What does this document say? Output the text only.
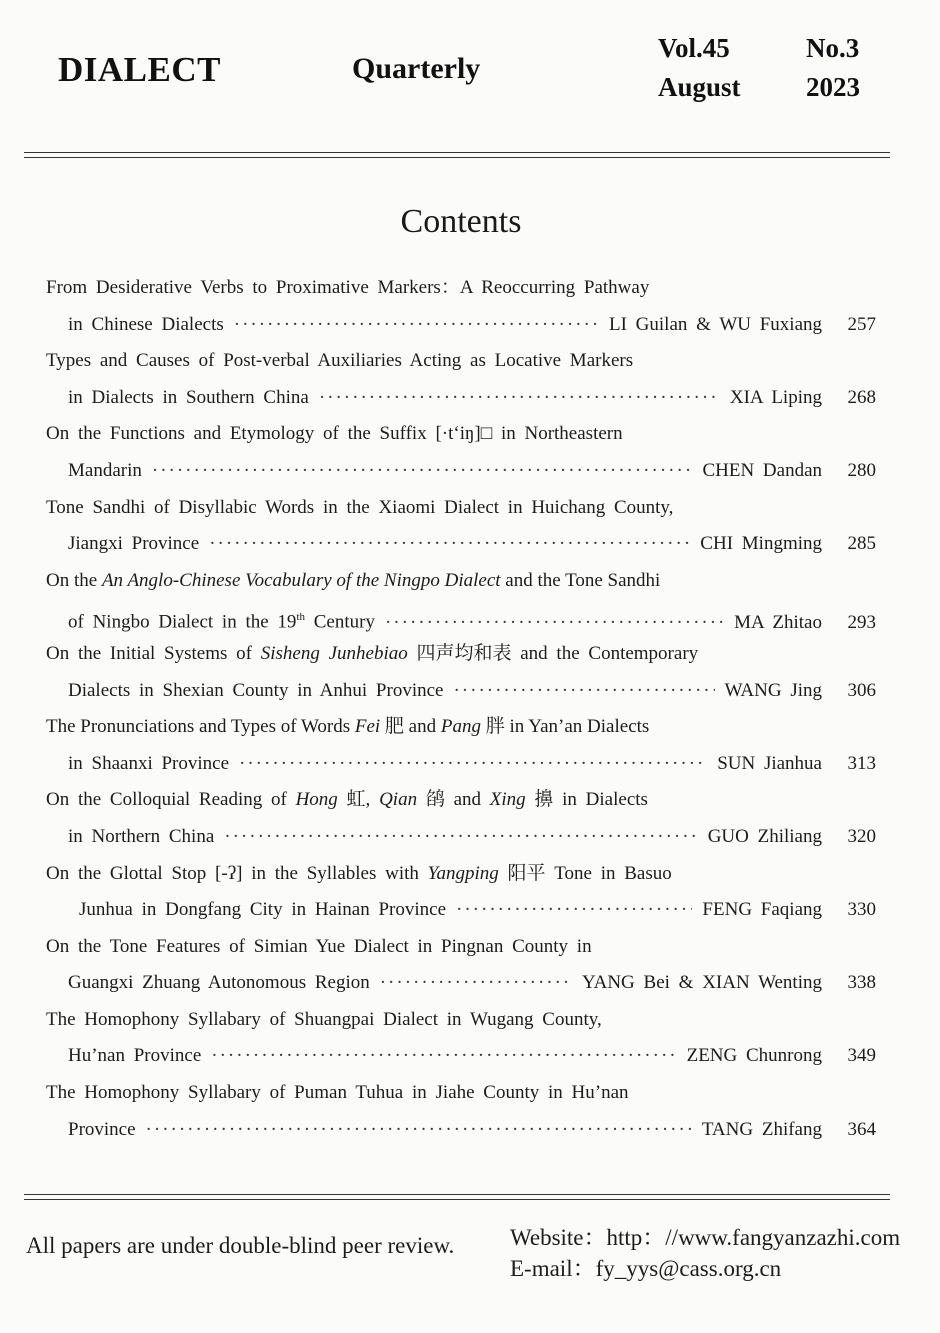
DIALECT	Quarterly
Vol.45	No.3
August 2023
Contents
From Desiderative Verbs to Proximative Markers：A Reoccurring Pathway
in Chinese Dialects ·····	LI Guilan & WU Fuxiang	257
Types and Causes of Post-verbal Auxiliaries Acting as Locative Markers
in Dialects in Southern China ·····	XIA Liping	268
On the Functions and Etymology of the Suffix [·tʻiŋ]□ in Northeastern
Mandarin ·····	CHEN Dandan	280
Tone Sandhi of Disyllabic Words in the Xiaomi Dialect in Huichang County,
Jiangxi Province ·····	CHI Mingming	285
On the An Anglo-Chinese Vocabulary of the Ningpo Dialect and the Tone Sandhi
of Ningbo Dialect in the 19th Century ·····	MA Zhitao	293
On the Initial Systems of Sisheng Junhebiao 四声均和表 and the Contemporary
Dialects in Shexian County in Anhui Province ·····	WANG Jing	306
The Pronunciations and Types of Words Fei 肥 and Pang 胖 in Yan’an Dialects
in Shaanxi Province ·····	SUN Jianhua	313
On the Colloquial Reading of Hong 虹, Qian 鹐 and Xing 擤 in Dialects
in Northern China ·····	GUO Zhiliang	320
On the Glottal Stop [-ʔ] in the Syllables with Yangping 阳平 Tone in Basuo
Junhua in Dongfang City in Hainan Province ·····	FENG Faqiang	330
On the Tone Features of Simian Yue Dialect in Pingnan County in
Guangxi Zhuang Autonomous Region ·····	YANG Bei & XIAN Wenting	338
The Homophony Syllabary of Shuangpai Dialect in Wugang County,
Hu’nan Province ·····	ZENG Chunrong	349
The Homophony Syllabary of Puman Tuhua in Jiahe County in Hu’nan
Province ·····	TANG Zhifang	364
All papers are under double-blind peer review. Website：http：//www.fangyanzazhi.com
E-mail：fy_yys@cass.org.cn
